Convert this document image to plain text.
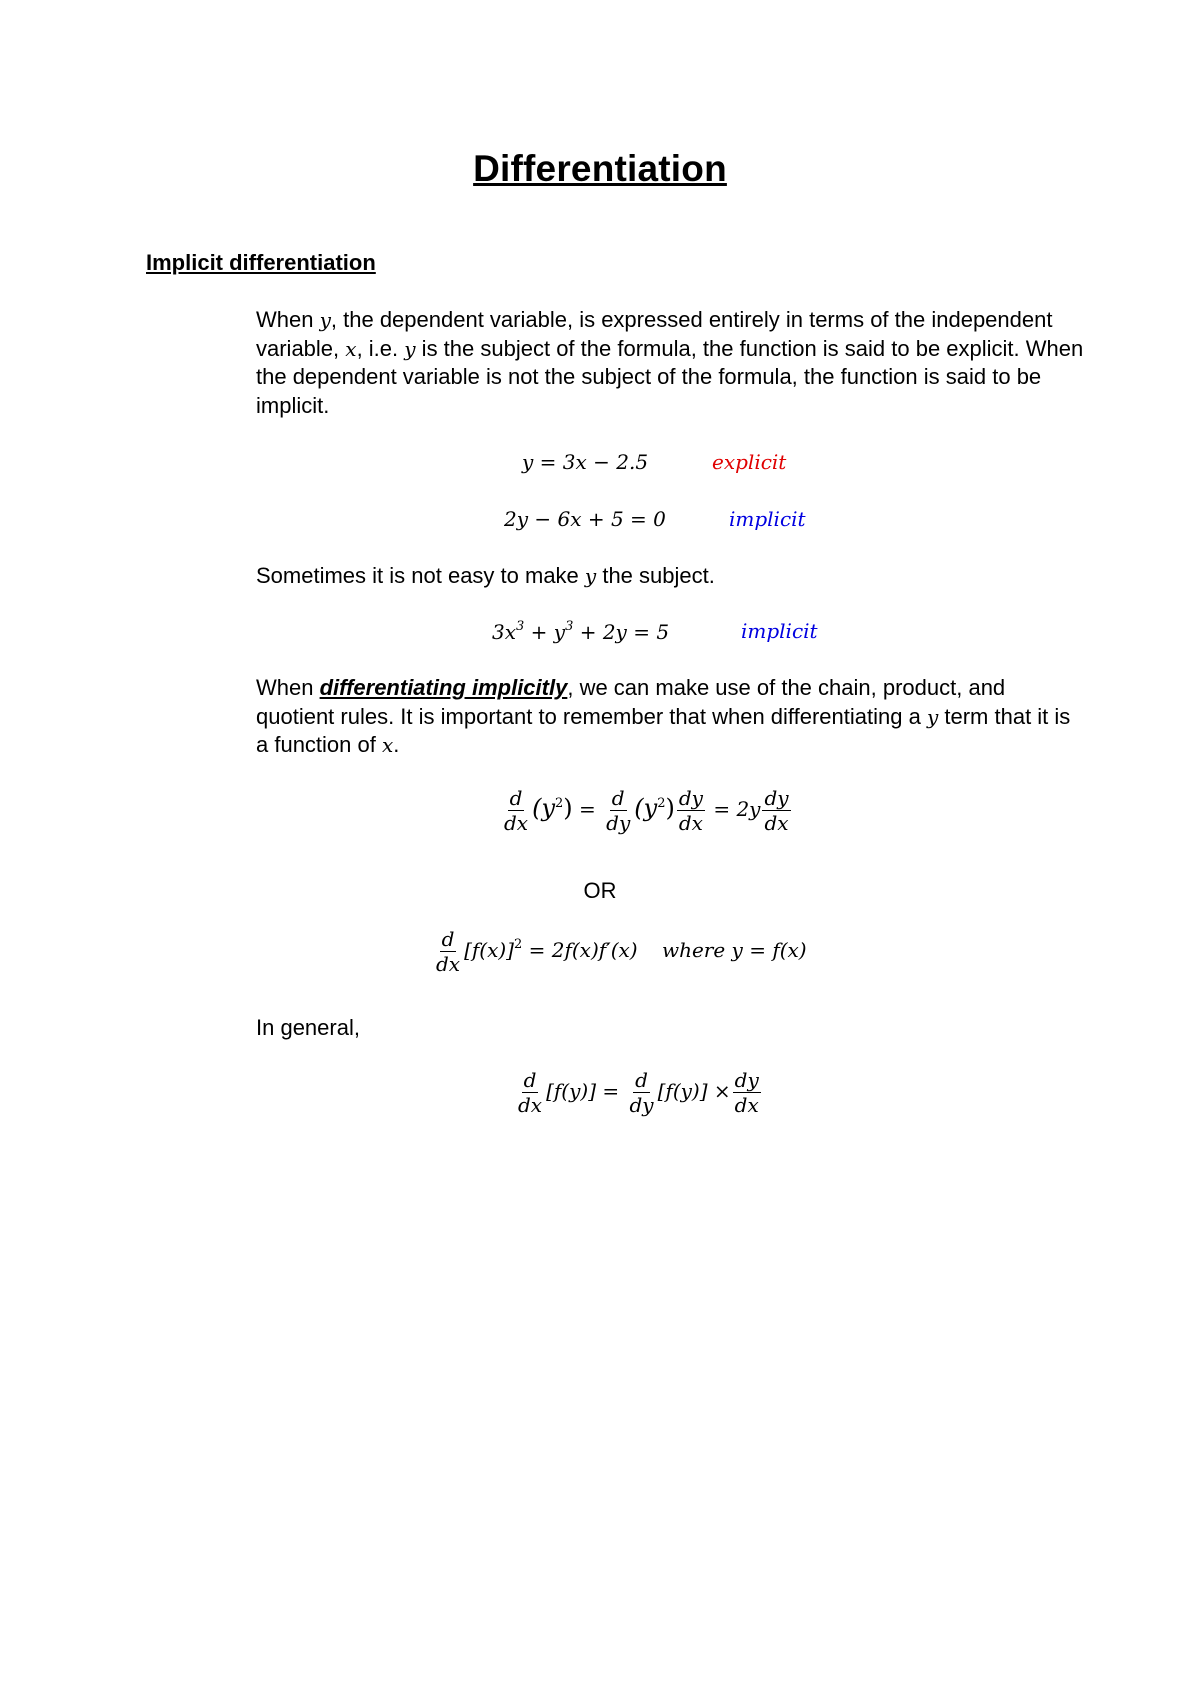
Differentiation
Implicit differentiation
When y, the dependent variable, is expressed entirely in terms of the independent variable, x, i.e. y is the subject of the formula, the function is said to be explicit. When the dependent variable is not the subject of the formula, the function is said to be implicit.
y = 3x − 2.5	explicit
2y − 6x + 5 = 0	implicit
Sometimes it is not easy to make y the subject.
$3x^3 + y^3 + 2y = 5$	implicit
When differentiating implicitly, we can make use of the chain, product, and quotient rules. It is important to remember that when differentiating a y term that it is a function of x.
$\frac{d}{dx} (y^2) = \frac{d}{dy} (y^2) \frac{dy}{dx} = 2y \frac{dy}{dx}$
OR
$\frac{d}{dx} [f(x)]^2 = 2f(x)f'(x)$ where y = f(x)
In general,
$\frac{d}{dx} [f(y)] = \frac{d}{dy} [f(y)] \times \frac{dy}{dx}$
